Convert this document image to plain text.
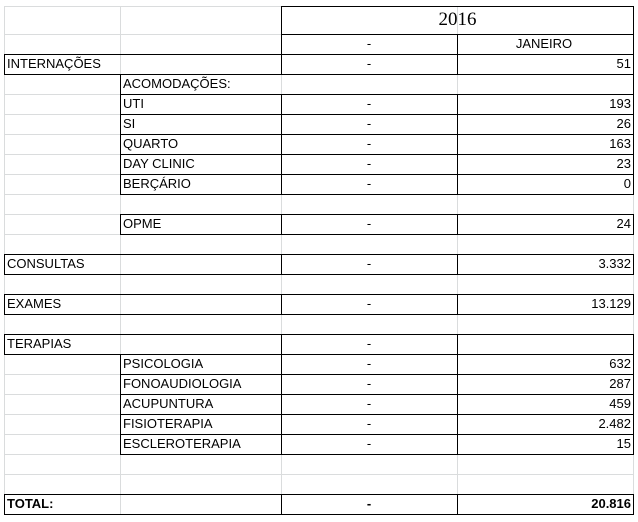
2016
-	JANEIRO
INTERNAÇÕES	-	51
ACOMODAÇÕES:
UTI	-	193
SI	-	26
QUARTO	-	163
DAY CLINIC	-	23
BERÇÁRIO	-	0
OPME	-	24
CONSULTAS	-	3.332
EXAMES	-	13.129
TERAPIAS	-
PSICOLOGIA	-	632
FONOAUDIOLOGIA	-	287
ACUPUNTURA	-	459
FISIOTERAPIA	-	2.482
ESCLEROTERAPIA	-	15
TOTAL:	-	20.816
